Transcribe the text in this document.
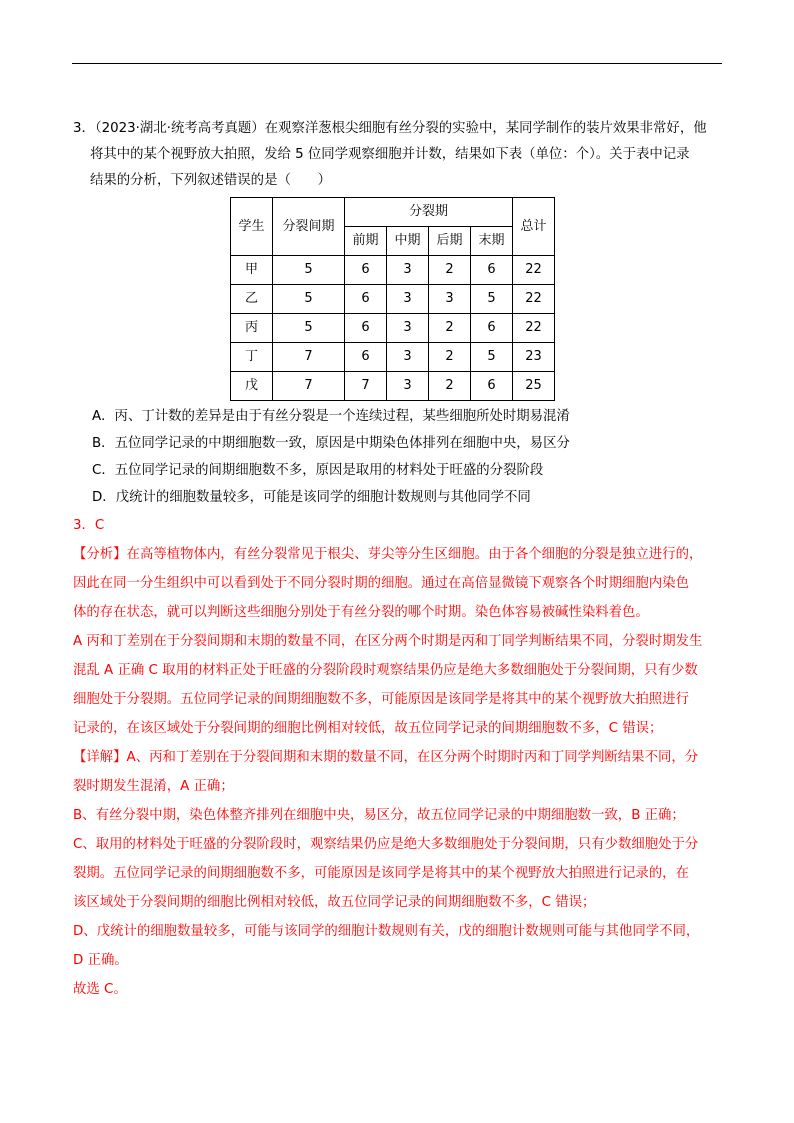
3．（2023·湖北·统考高考真题）在观察洋葱根尖细胞有丝分裂的实验中，某同学制作的装片效果非常好，他
将其中的某个视野放大拍照，发给 5 位同学观察细胞并计数，结果如下表（单位：个）。关于表中记录
结果的分析，下列叙述错误的是（　　）
学生	分裂间期	分裂期				总计
		前期	中期	后期	末期	
甲	5	6	3	2	6	22
乙	5	6	3	3	5	22
丙	5	6	3	2	6	22
丁	7	6	3	2	5	23
戊	7	7	3	2	6	25
A．丙、丁计数的差异是由于有丝分裂是一个连续过程，某些细胞所处时期易混淆
B．五位同学记录的中期细胞数一致，原因是中期染色体排列在细胞中央，易区分
C．五位同学记录的间期细胞数不多，原因是取用的材料处于旺盛的分裂阶段
D．戊统计的细胞数量较多，可能是该同学的细胞计数规则与其他同学不同
3．C
【分析】在高等植物体内，有丝分裂常见于根尖、芽尖等分生区细胞。由于各个细胞的分裂是独立进行的，
因此在同一分生组织中可以看到处于不同分裂时期的细胞。通过在高倍显微镜下观察各个时期细胞内染色
体的存在状态，就可以判断这些细胞分别处于有丝分裂的哪个时期。染色体容易被碱性染料着色。
A 丙和丁差别在于分裂间期和末期的数量不同，在区分两个时期是丙和丁同学判断结果不同，分裂时期发生
混乱 A 正确 C 取用的材料正处于旺盛的分裂阶段时观察结果仍应是绝大多数细胞处于分裂间期，只有少数
细胞处于分裂期。五位同学记录的间期细胞数不多，可能原因是该同学是将其中的某个视野放大拍照进行
记录的，在该区域处于分裂间期的细胞比例相对较低，故五位同学记录的间期细胞数不多，C 错误；
【详解】A、丙和丁差别在于分裂间期和末期的数量不同，在区分两个时期时丙和丁同学判断结果不同，分
裂时期发生混淆，A 正确；
B、有丝分裂中期，染色体整齐排列在细胞中央，易区分，故五位同学记录的中期细胞数一致，B 正确；
C、取用的材料处于旺盛的分裂阶段时，观察结果仍应是绝大多数细胞处于分裂间期，只有少数细胞处于分
裂期。五位同学记录的间期细胞数不多，可能原因是该同学是将其中的某个视野放大拍照进行记录的，在
该区域处于分裂间期的细胞比例相对较低，故五位同学记录的间期细胞数不多，C 错误；
D、戊统计的细胞数量较多，可能与该同学的细胞计数规则有关，戊的细胞计数规则可能与其他同学不同，
D 正确。
故选 C。
